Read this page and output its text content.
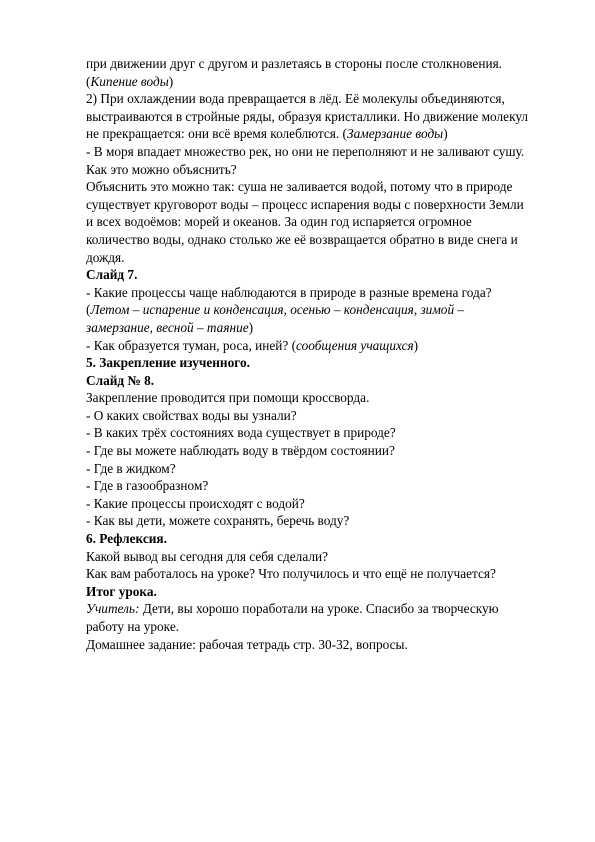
при движении друг с другом и разлетаясь в стороны после столкновения.
(Кипение воды)
2) При охлаждении вода превращается в лёд. Её молекулы объединяются,
выстраиваются в стройные ряды, образуя кристаллики. Но движение молекул
не прекращается: они всё время колеблются. (Замерзание воды)
- В моря впадает множество рек, но они не переполняют и не заливают сушу.
Как это можно объяснить?
Объяснить это можно так: суша не заливается водой, потому что в природе
существует круговорот воды – процесс испарения воды с поверхности Земли
и всех водоёмов: морей и океанов. За один год испаряется огромное
количество воды, однако столько же её возвращается обратно в виде снега и
дождя.
Слайд 7.
- Какие процессы чаще наблюдаются в природе в разные времена года?
(Летом – испарение и конденсация, осенью – конденсация, зимой –
замерзание, весной – таяние)
- Как образуется туман, роса, иней? (сообщения учащихся)
5. Закрепление изученного.
Слайд № 8.
Закрепление проводится при помощи кроссворда.
- О каких свойствах воды вы узнали?
- В каких трёх состояниях вода существует в природе?
- Где вы можете наблюдать воду в твёрдом состоянии?
- Где в жидком?
- Где в газообразном?
- Какие процессы происходят с водой?
- Как вы дети, можете сохранять, беречь воду?
6. Рефлексия.
Какой вывод вы сегодня для себя сделали?
Как вам работалось на уроке? Что получилось и что ещё не получается?
Итог урока.
Учитель: Дети, вы хорошо поработали на уроке. Спасибо за творческую
работу на уроке.
Домашнее задание: рабочая тетрадь стр. 30-32, вопросы.
